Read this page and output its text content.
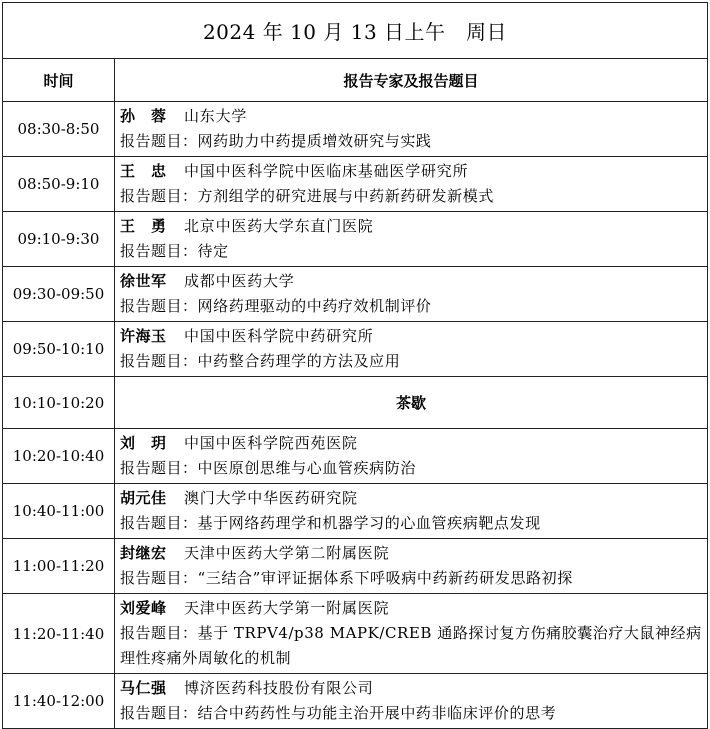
2024 年 10 月 13 日上午　周日	
时间	报告专家及报告题目
08:30-8:50	孙　蓉 山东大学
报告题目：网药助力中药提质增效研究与实践

08:50-9:10	王　忠 中国中医科学院中医临床基础医学研究所
报告题目：方剂组学的研究进展与中药新药研发新模式

09:10-9:30	王　勇 北京中医药大学东直门医院
报告题目：待定

09:30-09:50	徐世军 成都中医药大学
报告题目：网络药理驱动的中药疗效机制评价

09:50-10:10	许海玉 中国中医科学院中药研究所
报告题目：中药整合药理学的方法及应用

10:10-10:20	茶歇
10:20-10:40	刘　玥 中国中医科学院西苑医院
报告题目：中医原创思维与心血管疾病防治

10:40-11:00	胡元佳 澳门大学中华医药研究院
报告题目：基于网络药理学和机器学习的心血管疾病靶点发现

11:00-11:20	封继宏 天津中医药大学第二附属医院
报告题目：“三结合”审评证据体系下呼吸病中药新药研发思路初探

11:20-11:40	刘爱峰 天津中医药大学第一附属医院
报告题目：基于 TRPV4/p38 MAPK/CREB 通路探讨复方伤痛胶囊治疗大鼠神经病理性疼痛外周敏化的机制

11:40-12:00	马仁强 博济医药科技股份有限公司
报告题目：结合中药药性与功能主治开展中药非临床评价的思考
